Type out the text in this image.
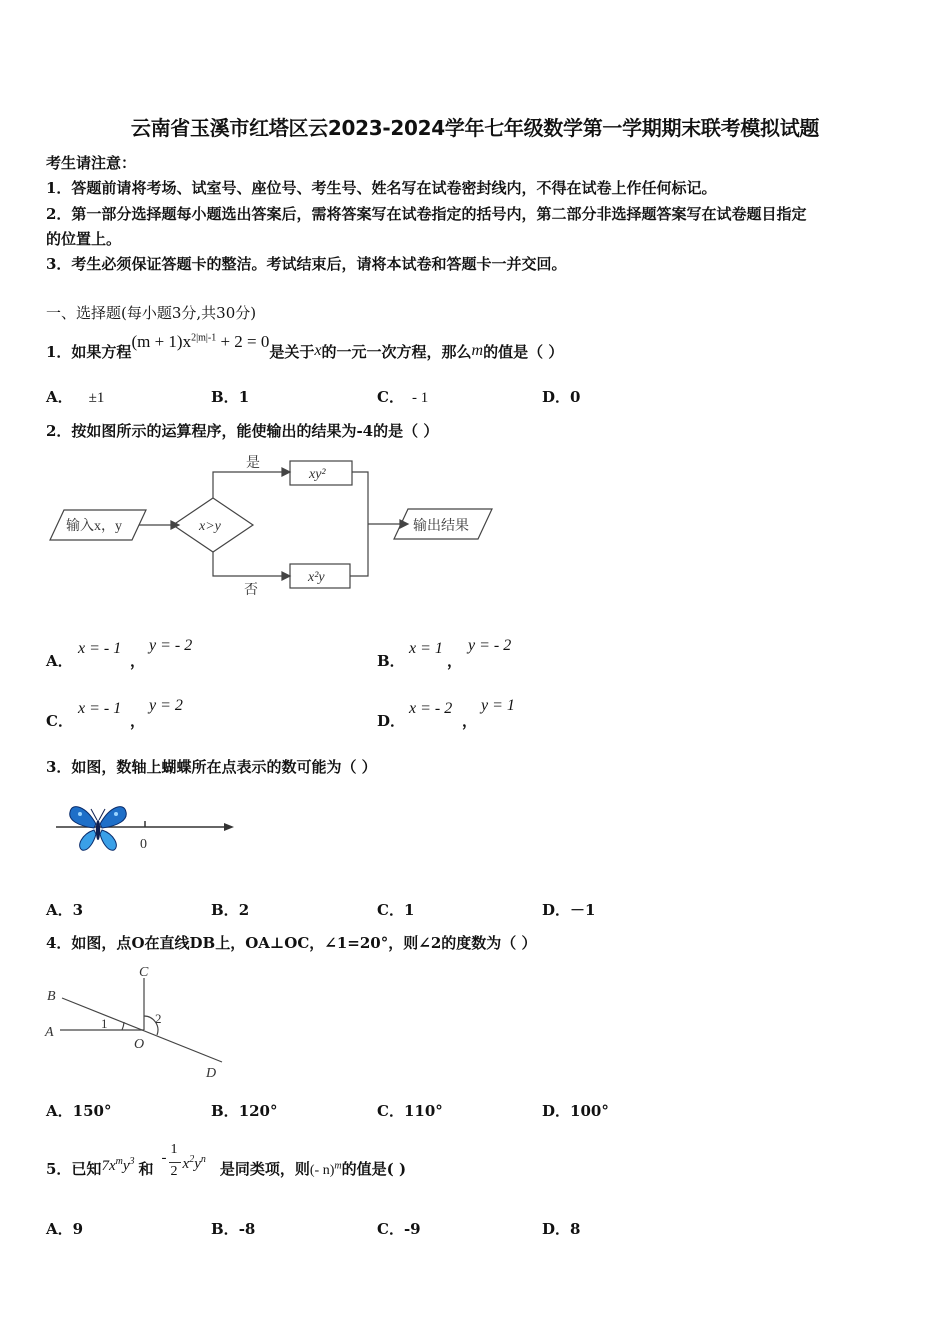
云南省玉溪市红塔区云2023-2024学年七年级数学第一学期期末联考模拟试题
考生请注意：
1．答题前请将考场、试室号、座位号、考生号、姓名写在试卷密封线内，不得在试卷上作任何标记。
2．第一部分选择题每小题选出答案后，需将答案写在试卷指定的括号内，第二部分非选择题答案写在试卷题目指定
的位置上。
3．考生必须保证答题卡的整洁。考试结束后，请将本试卷和答题卡一并交回。
一、选择题(每小题3分,共30分)
1．如果方程$(m + 1)x^{2|m|-1} + 2 = 0$是关于x的一元一次方程，那么m的值是（ ）
A． ±1	B．1	C． - 1	D．0
2．按如图所示的运算程序，能使输出的结果为-4的是（ ）
输入x，y	x>y
是
否
xy²
x²y
输出结果
A．
x = - 1
，
y = - 2
B．
x = 1
，
y = - 2
C．
x = - 1
，
y = 2
D．
x = - 2
，
y = 1
3．如图，数轴上蝴蝶所在点表示的数可能为（ ）
0
A．3	B．2	C．1	D．－1
4．如图，点O在直线DB上，OA⊥OC，∠1=20°，则∠2的度数为（ ）
C
B
A
O
D
1	2
A．150°	B．120°	C．110°	D．100°
5．已知$7x^my^3$ 和-
$\frac{1}{2} x^2y^n$是同类项，则(- n)$^m$的值是( )
A．9	B．-8	C．-9	D．8
